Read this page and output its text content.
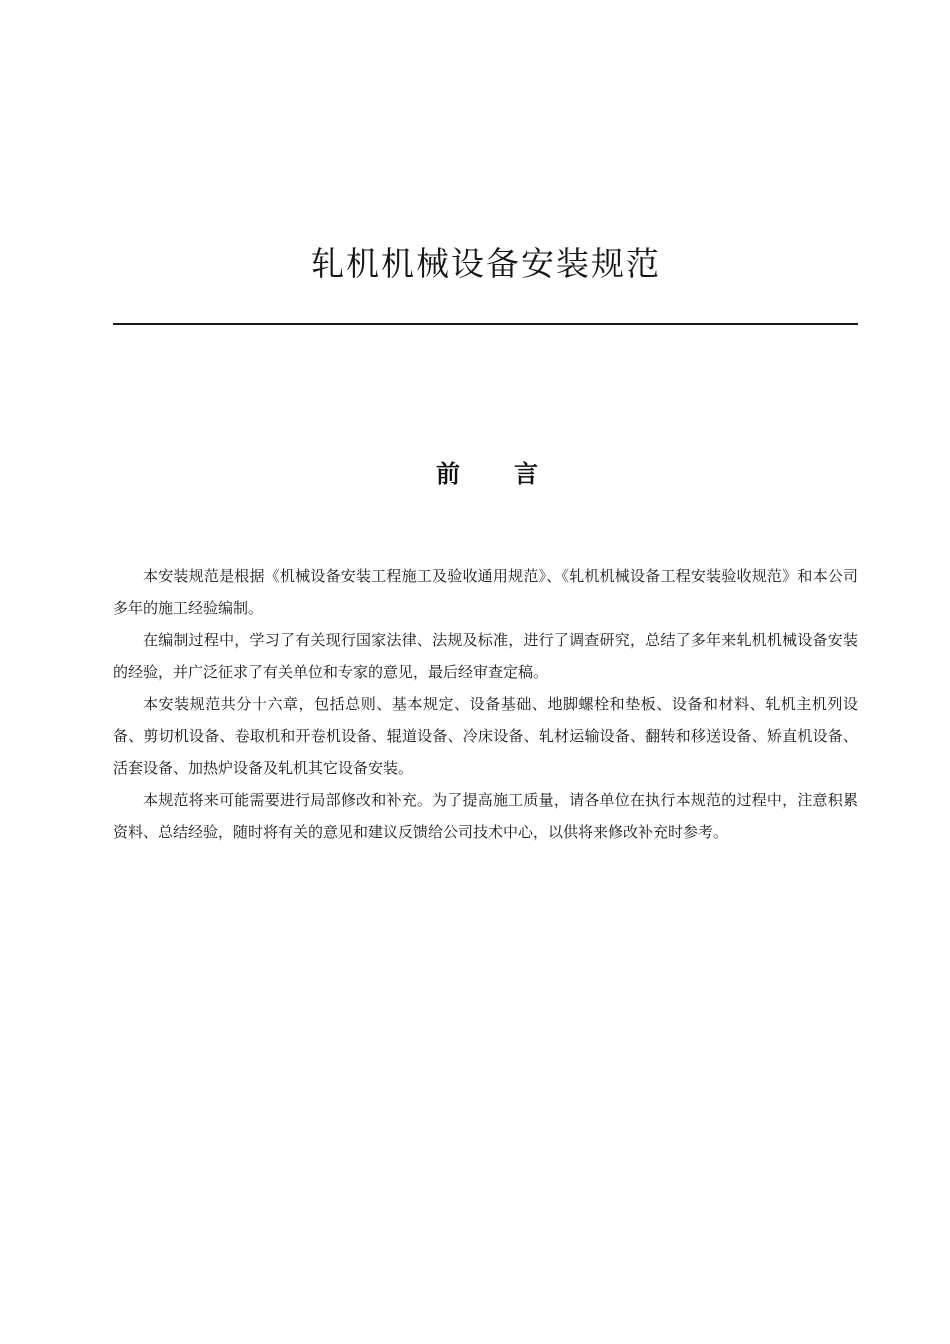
轧机机械设备安装规范
前 言

本安装规范是根据《机械设备安装工程施工及验收通用规范》、《轧机机械设备工程安装验收规范》和本公司多年的施工经验编制。

在编制过程中，学习了有关现行国家法律、法规及标准，进行了调查研究，总结了多年来轧机机械设备安装的经验，并广泛征求了有关单位和专家的意见，最后经审查定稿。

本安装规范共分十六章，包括总则、基本规定、设备基础、地脚螺栓和垫板、设备和材料、轧机主机列设备、剪切机设备、卷取机和开卷机设备、辊道设备、冷床设备、轧材运输设备、翻转和移送设备、矫直机设备、活套设备、加热炉设备及轧机其它设备安装。

本规范将来可能需要进行局部修改和补充。为了提高施工质量，请各单位在执行本规范的过程中，注意积累资料、总结经验，随时将有关的意见和建议反馈给公司技术中心，以供将来修改补充时参考。
